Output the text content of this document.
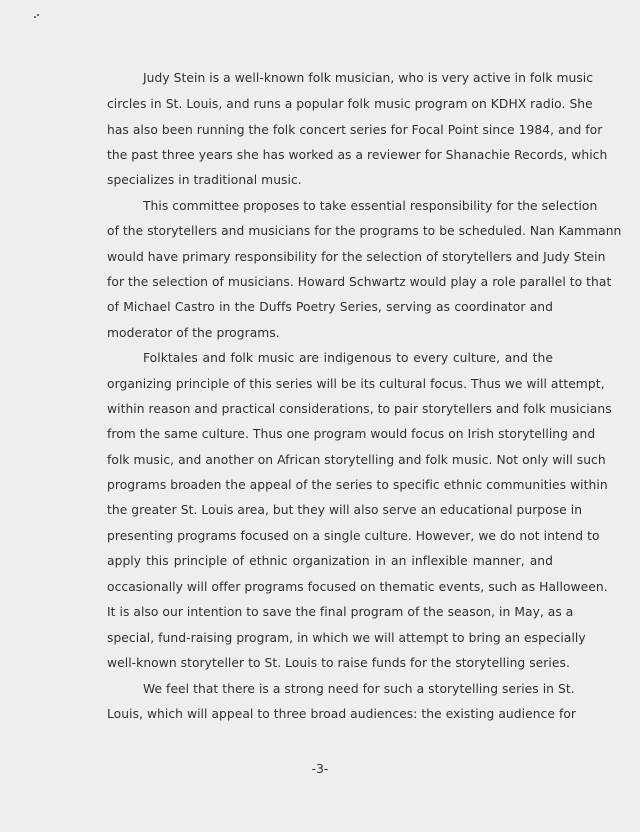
Judy Stein is a well-known folk musician, who is very active in folk music
circles in St. Louis, and runs a popular folk music program on KDHX radio. She
has also been running the folk concert series for Focal Point since 1984, and for
the past three years she has worked as a reviewer for Shanachie Records, which
specializes in traditional music.
This committee proposes to take essential responsibility for the selection
of the storytellers and musicians for the programs to be scheduled. Nan Kammann
would have primary responsibility for the selection of storytellers and Judy Stein
for the selection of musicians. Howard Schwartz would play a role parallel to that
of Michael Castro in the Duffs Poetry Series, serving as coordinator and
moderator of the programs.
Folktales and folk music are indigenous to every culture, and the
organizing principle of this series will be its cultural focus. Thus we will attempt,
within reason and practical considerations, to pair storytellers and folk musicians
from the same culture. Thus one program would focus on Irish storytelling and
folk music, and another on African storytelling and folk music. Not only will such
programs broaden the appeal of the series to specific ethnic communities within
the greater St. Louis area, but they will also serve an educational purpose in
presenting programs focused on a single culture. However, we do not intend to
apply this principle of ethnic organization in an inflexible manner, and
occasionally will offer programs focused on thematic events, such as Halloween.
It is also our intention to save the final program of the season, in May, as a
special, fund-raising program, in which we will attempt to bring an especially
well-known storyteller to St. Louis to raise funds for the storytelling series.
We feel that there is a strong need for such a storytelling series in St.
Louis, which will appeal to three broad audiences: the existing audience for
-3-
